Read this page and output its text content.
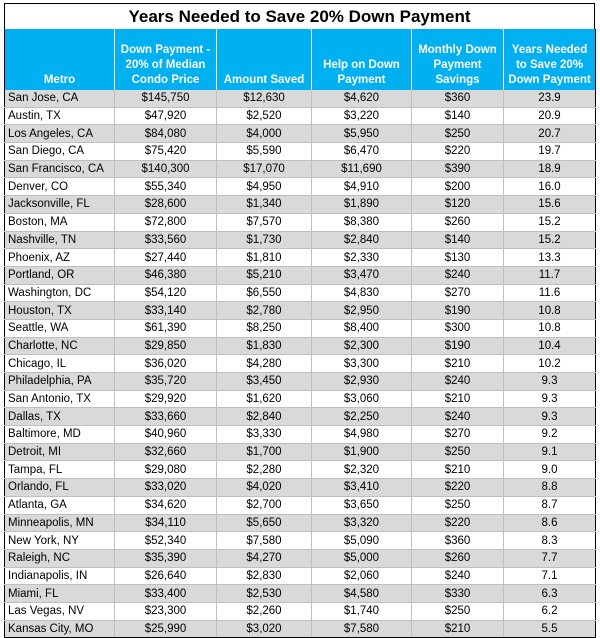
Years Needed to Save 20% Down Payment
Metro	Down Payment - 20% of Median Condo Price	Amount Saved	Help on Down Payment	Monthly Down Payment Savings	Years Needed to Save 20% Down Payment
San Jose, CA	$145,750	$12,630	$4,620	$360	23.9
Austin, TX	$47,920	$2,520	$3,220	$140	20.9
Los Angeles, CA	$84,080	$4,000	$5,950	$250	20.7
San Diego, CA	$75,420	$5,590	$6,470	$220	19.7
San Francisco, CA	$140,300	$17,070	$11,690	$390	18.9
Denver, CO	$55,340	$4,950	$4,910	$200	16.0
Jacksonville, FL	$28,600	$1,340	$1,890	$120	15.6
Boston, MA	$72,800	$7,570	$8,380	$260	15.2
Nashville, TN	$33,560	$1,730	$2,840	$140	15.2
Phoenix, AZ	$27,440	$1,810	$2,330	$130	13.3
Portland, OR	$46,380	$5,210	$3,470	$240	11.7
Washington, DC	$54,120	$6,550	$4,830	$270	11.6
Houston, TX	$33,140	$2,780	$2,950	$190	10.8
Seattle, WA	$61,390	$8,250	$8,400	$300	10.8
Charlotte, NC	$29,850	$1,830	$2,300	$190	10.4
Chicago, IL	$36,020	$4,280	$3,300	$210	10.2
Philadelphia, PA	$35,720	$3,450	$2,930	$240	9.3
San Antonio, TX	$29,920	$1,620	$3,060	$210	9.3
Dallas, TX	$33,660	$2,840	$2,250	$240	9.3
Baltimore, MD	$40,960	$3,330	$4,980	$270	9.2
Detroit, MI	$32,660	$1,700	$1,900	$250	9.1
Tampa, FL	$29,080	$2,280	$2,320	$210	9.0
Orlando, FL	$33,020	$4,020	$3,410	$220	8.8
Atlanta, GA	$34,620	$2,700	$3,650	$250	8.7
Minneapolis, MN	$34,110	$5,650	$3,320	$220	8.6
New York, NY	$52,340	$7,580	$5,090	$360	8.3
Raleigh, NC	$35,390	$4,270	$5,000	$260	7.7
Indianapolis, IN	$26,640	$2,830	$2,060	$240	7.1
Miami, FL	$33,400	$2,530	$4,580	$330	6.3
Las Vegas, NV	$23,300	$2,260	$1,740	$250	6.2
Kansas City, MO	$25,990	$3,020	$7,580	$210	5.5
